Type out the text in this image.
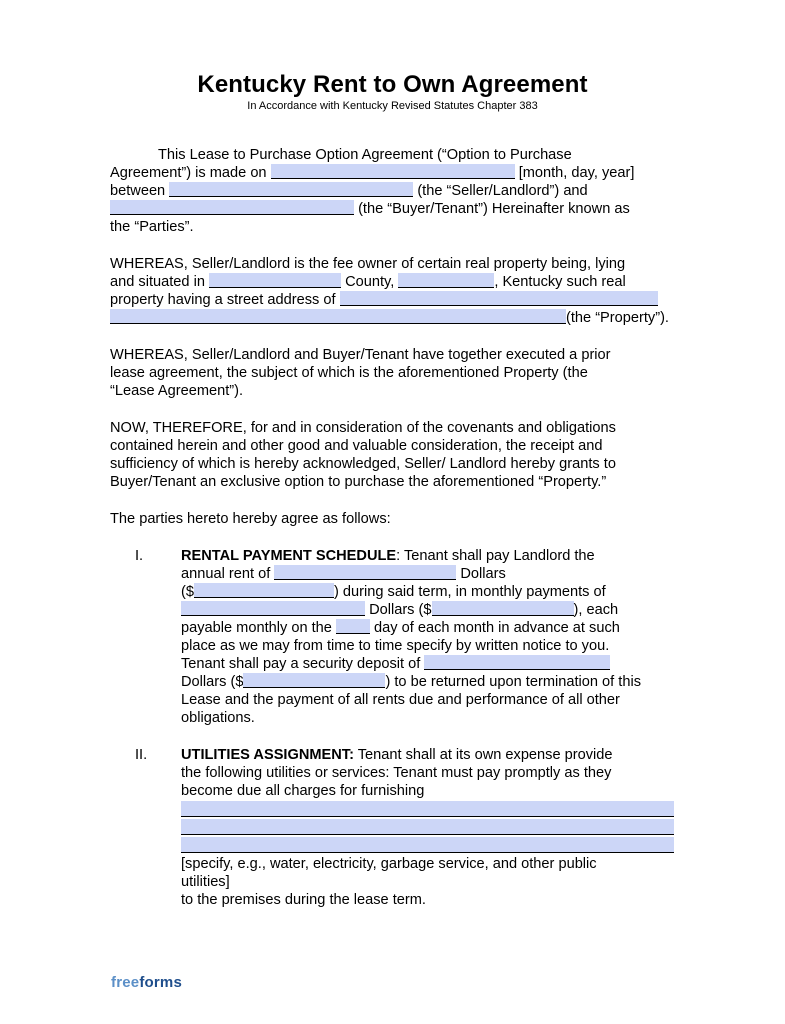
Kentucky Rent to Own Agreement
In Accordance with Kentucky Revised Statutes Chapter 383
This Lease to Purchase Option Agreement (“Option to Purchase
Agreement”) is made on	[month, day, year]
between	(the “Seller/Landlord”) and
(the “Buyer/Tenant”) Hereinafter known as
the “Parties”.
WHEREAS, Seller/Landlord is the fee owner of certain real property being, lying
and situated in	County,	, Kentucky such real
property having a street address of
(the “Property”).
WHEREAS, Seller/Landlord and Buyer/Tenant have together executed a prior
lease agreement, the subject of which is the aforementioned Property (the
“Lease Agreement”).
NOW, THEREFORE, for and in consideration of the covenants and obligations
contained herein and other good and valuable consideration, the receipt and
sufficiency of which is hereby acknowledged, Seller/ Landlord hereby grants to
Buyer/Tenant an exclusive option to purchase the aforementioned “Property.”
The parties hereto hereby agree as follows:
I.	RENTAL PAYMENT SCHEDULE: Tenant shall pay Landlord the
annual rent of	Dollars
($	) during said term, in monthly payments of
Dollars ($	), each
payable monthly on the	day of each month in advance at such
place as we may from time to time specify by written notice to you.
Tenant shall pay a security deposit of
Dollars ($	) to be returned upon termination of this
Lease and the payment of all rents due and performance of all other
obligations.
II. UTILITIES ASSIGNMENT: Tenant shall at its own expense provide
the following utilities or services: Tenant must pay promptly as they
become due all charges for furnishing
[specify, e.g., water, electricity, garbage service, and other public
utilities]
to the premises during the lease term.
freeforms
